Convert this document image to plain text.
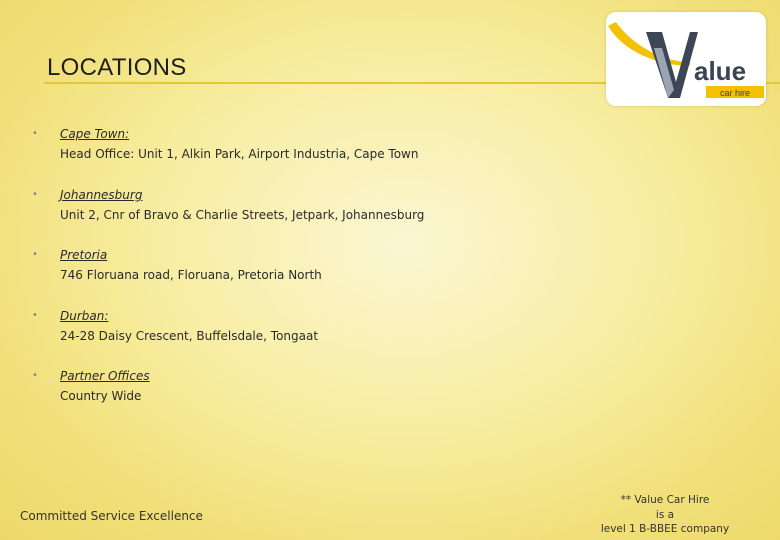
LOCATIONS	alue
car hire
• Cape Town:
Head Office: Unit 1, Alkin Park, Airport Industria, Cape Town
• Johannesburg
Unit 2, Cnr of Bravo & Charlie Streets, Jetpark, Johannesburg
• Pretoria
746 Floruana road, Floruana, Pretoria North
• Durban:
24-28 Daisy Crescent, Buffelsdale, Tongaat
• Partner Offices
Country Wide
Committed Service Excellence
** Value Car Hire
is a
level 1 B-BBEE company
